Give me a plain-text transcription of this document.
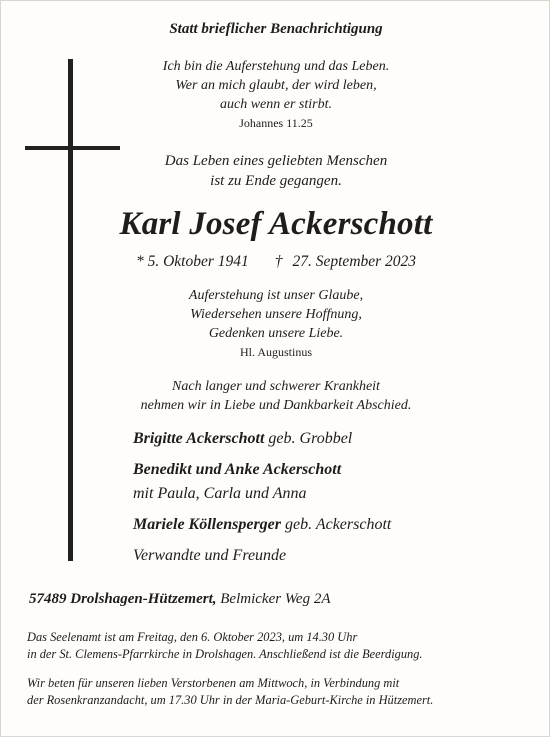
Statt brieflicher Benachrichtigung
Ich bin die Auferstehung und das Leben.
Wer an mich glaubt, der wird leben,
auch wenn er stirbt.
Johannes 11.25
Das Leben eines geliebten Menschen
ist zu Ende gegangen.
Karl Josef Ackerschott
* 5. Oktober 1941 † 27. September 2023
Auferstehung ist unser Glaube,
Wiedersehen unsere Hoffnung,
Gedenken unsere Liebe.
Hl. Augustinus
Nach langer und schwerer Krankheit
nehmen wir in Liebe und Dankbarkeit Abschied.
Brigitte Ackerschott geb. Grobbel
Benedikt und Anke Ackerschott
mit Paula, Carla und Anna
Mariele Köllensperger geb. Ackerschott
Verwandte und Freunde
57489 Drolshagen-Hützemert, Belmicker Weg 2A
Das Seelenamt ist am Freitag, den 6. Oktober 2023, um 14.30 Uhr
in der St. Clemens-Pfarrkirche in Drolshagen. Anschließend ist die Beerdigung.
Wir beten für unseren lieben Verstorbenen am Mittwoch, in Verbindung mit
der Rosenkranzandacht, um 17.30 Uhr in der Maria-Geburt-Kirche in Hützemert.
